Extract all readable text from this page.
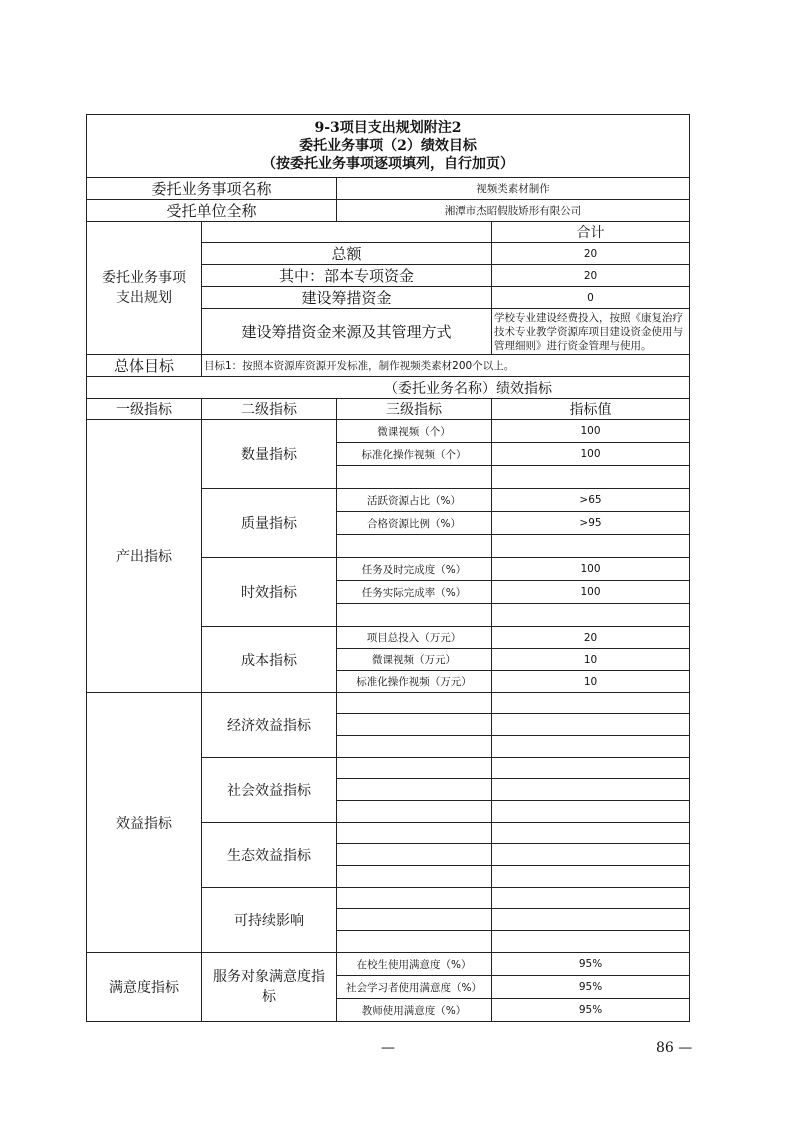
9-3项目支出规划附注2
委托业务事项（2）绩效目标
（按委托业务事项逐项填列，自行加页）			

委托业务事项名称		视频类素材制作	
受托单位全称		湘潭市杰昭假肢矫形有限公司	
委托业务事项支出规划			合计
	总额		20
	其中：部本专项资金		20
	建设筹措资金		0
	建设筹措资金来源及其管理方式		学校专业建设经费投入，按照《康复治疗技术专业教学资源库项目建设资金使用与管理细则》进行资金管理与使用。
总体目标	目标1：按照本资源库资源开发标准，制作视频类素材200个以上。		
（委托业务名称）绩效指标			
一级指标	二级指标	三级指标	指标值
产出指标	数量指标	微课视频（个）	100
		标准化操作视频（个）	100

	质量指标	活跃资源占比（%）	>65
		合格资源比例（%）	>95

	时效指标	任务及时完成度（%）	100
		任务实际完成率（%）	100

	成本指标	项目总投入（万元）	20
		微课视频（万元）	10
		标准化操作视频（万元）	10
效益指标	经济效益指标		

	社会效益指标		

	生态效益指标		

	可持续影响		

满意度指标	服务对象满意度指标	在校生使用满意度（%）	95%
		社会学习者使用满意度（%）	95%
		教师使用满意度（%）	95%
—	86 —
